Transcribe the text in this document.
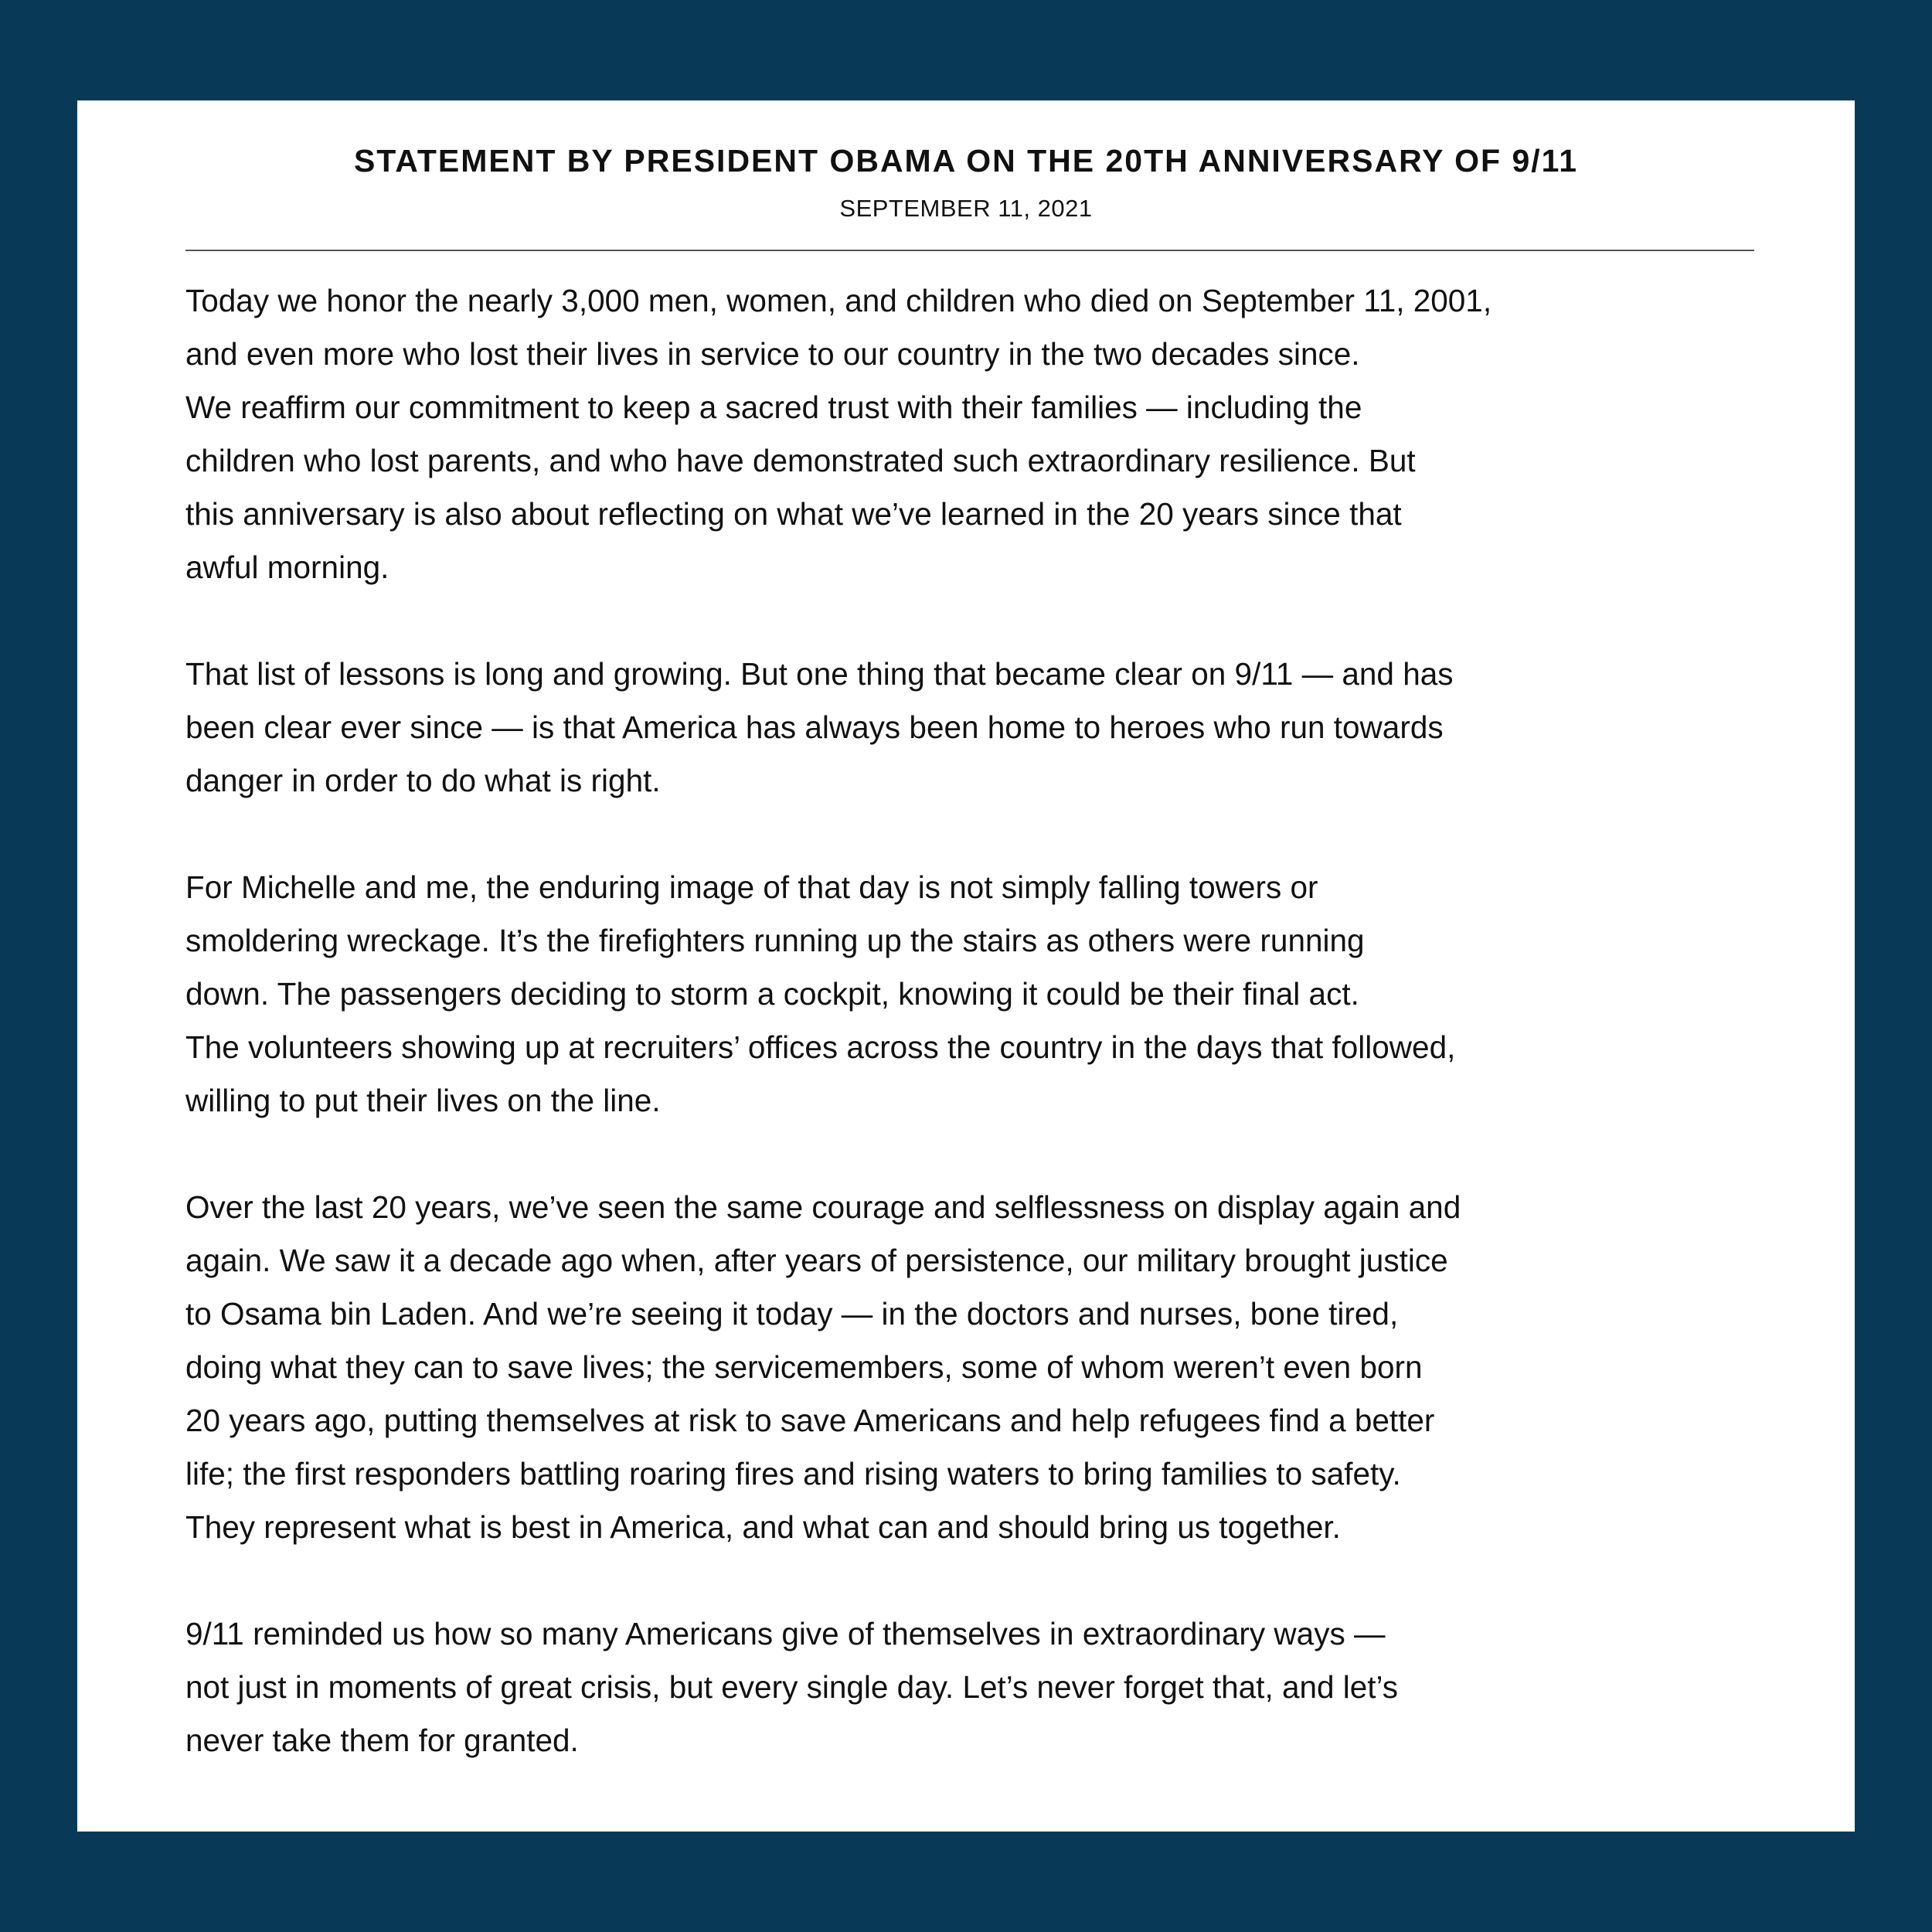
STATEMENT BY PRESIDENT OBAMA ON THE 20TH ANNIVERSARY OF 9/11
SEPTEMBER 11, 2021

Today we honor the nearly 3,000 men, women, and children who died on September 11, 2001,
and even more who lost their lives in service to our country in the two decades since.
We reaffirm our commitment to keep a sacred trust with their families — including the
children who lost parents, and who have demonstrated such extraordinary resilience. But
this anniversary is also about reflecting on what we’ve learned in the 20 years since that
awful morning.

That list of lessons is long and growing. But one thing that became clear on 9/11 — and has
been clear ever since — is that America has always been home to heroes who run towards
danger in order to do what is right.

For Michelle and me, the enduring image of that day is not simply falling towers or
smoldering wreckage. It’s the firefighters running up the stairs as others were running
down. The passengers deciding to storm a cockpit, knowing it could be their final act.
The volunteers showing up at recruiters’ offices across the country in the days that followed,
willing to put their lives on the line.

Over the last 20 years, we’ve seen the same courage and selflessness on display again and
again. We saw it a decade ago when, after years of persistence, our military brought justice
to Osama bin Laden. And we’re seeing it today — in the doctors and nurses, bone tired,
doing what they can to save lives; the servicemembers, some of whom weren’t even born
20 years ago, putting themselves at risk to save Americans and help refugees find a better
life; the first responders battling roaring fires and rising waters to bring families to safety.
They represent what is best in America, and what can and should bring us together.

9/11 reminded us how so many Americans give of themselves in extraordinary ways —
not just in moments of great crisis, but every single day. Let’s never forget that, and let’s
never take them for granted.
